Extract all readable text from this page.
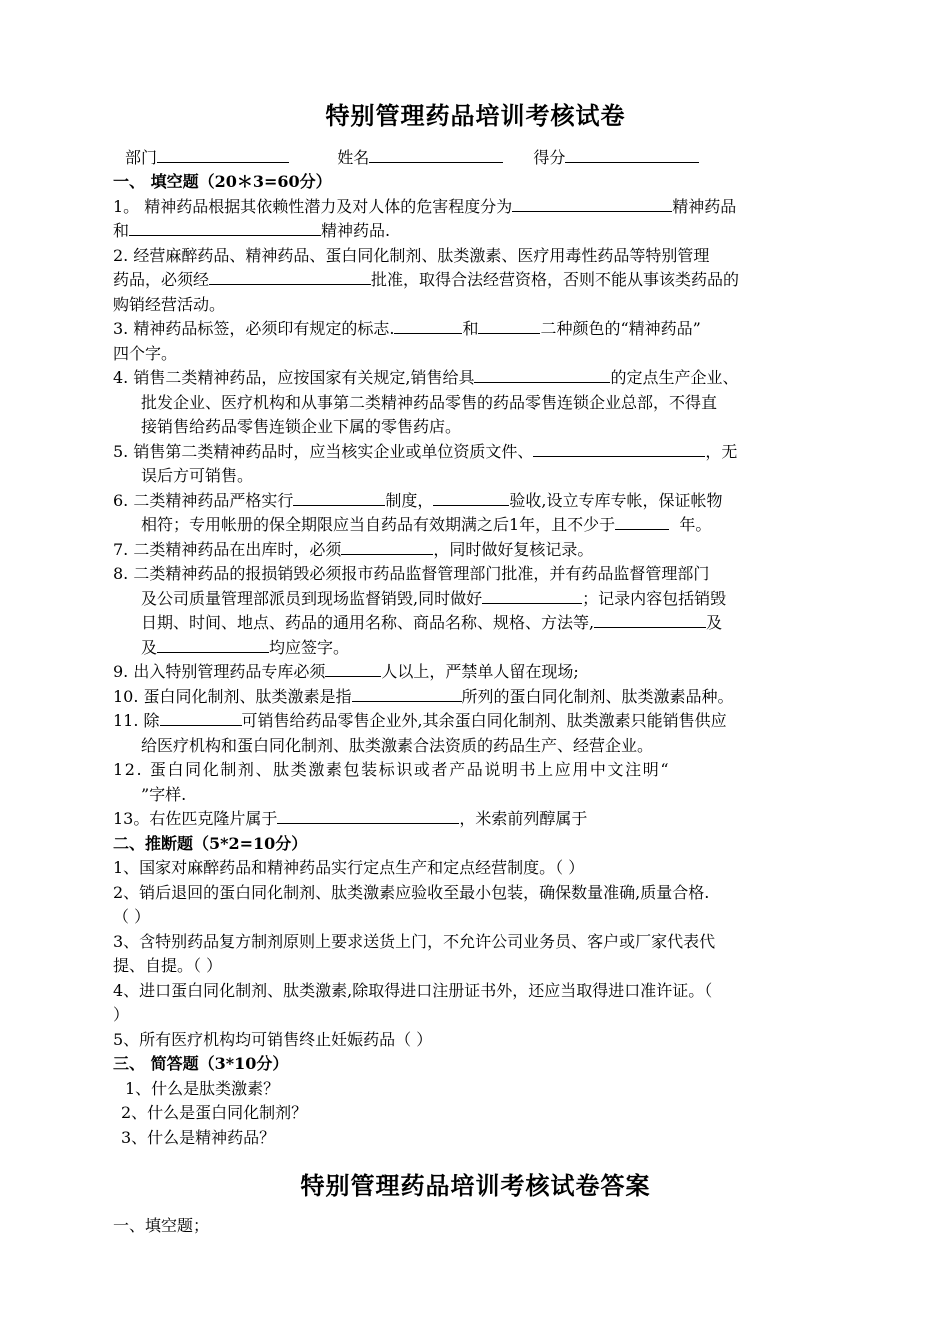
特别管理药品培训考核试卷
部门	姓名	得分
一、 填空题（20＊3=60分）
1。 精神药品根据其依赖性潜力及对人体的危害程度分为	精神药品
和	精神药品.
2. 经营麻醉药品、精神药品、蛋白同化制剂、肽类激素、医疗用毒性药品等特别管理
药品，必须经	批准，取得合法经营资格，否则不能从事该类药品的
购销经营活动。
3. 精神药品标签，必须印有规定的标志.	和	二种颜色的“精神药品”
四个字。
4. 销售二类精神药品，应按国家有关规定,销售给具	的定点生产企业、
批发企业、医疗机构和从事第二类精神药品零售的药品零售连锁企业总部，不得直
接销售给药品零售连锁企业下属的零售药店。
5. 销售第二类精神药品时，应当核实企业或单位资质文件、	，无
误后方可销售。
6. 二类精神药品严格实行	制度，	验收,设立专库专帐，保证帐物
相符；专用帐册的保全期限应当自药品有效期满之后1年，且不少于	年。
7. 二类精神药品在出库时，必须	，同时做好复核记录。
8. 二类精神药品的报损销毁必须报市药品监督管理部门批准，并有药品监督管理部门
及公司质量管理部派员到现场监督销毁,同时做好	；记录内容包括销毁
日期、时间、地点、药品的通用名称、商品名称、规格、方法等,	及
及	均应签字。
9. 出入特别管理药品专库必须	人以上，严禁单人留在现场;
10. 蛋白同化制剂、肽类激素是指	所列的蛋白同化制剂、肽类激素品种。
11. 除	可销售给药品零售企业外,其余蛋白同化制剂、肽类激素只能销售供应
给医疗机构和蛋白同化制剂、肽类激素合法资质的药品生产、经营企业。
12. 蛋白同化制剂、肽类激素包装标识或者产品说明书上应用中文注明“
”字样.
13。右佐匹克隆片属于	，米索前列醇属于
二、推断题（5*2=10分）
1、国家对麻醉药品和精神药品实行定点生产和定点经营制度。（ ）
2、销后退回的蛋白同化制剂、肽类激素应验收至最小包装，确保数量准确,质量合格.
（ ）
3、含特别药品复方制剂原则上要求送货上门，不允许公司业务员、客户或厂家代表代
提、自提。（ ）
4、进口蛋白同化制剂、肽类激素,除取得进口注册证书外，还应当取得进口准许证。（
）
5、所有医疗机构均可销售终止妊娠药品（ ）
三、 简答题（3*10分）
1、什么是肽类激素？
2、什么是蛋白同化制剂？
3、什么是精神药品？
特别管理药品培训考核试卷答案
一、填空题；
